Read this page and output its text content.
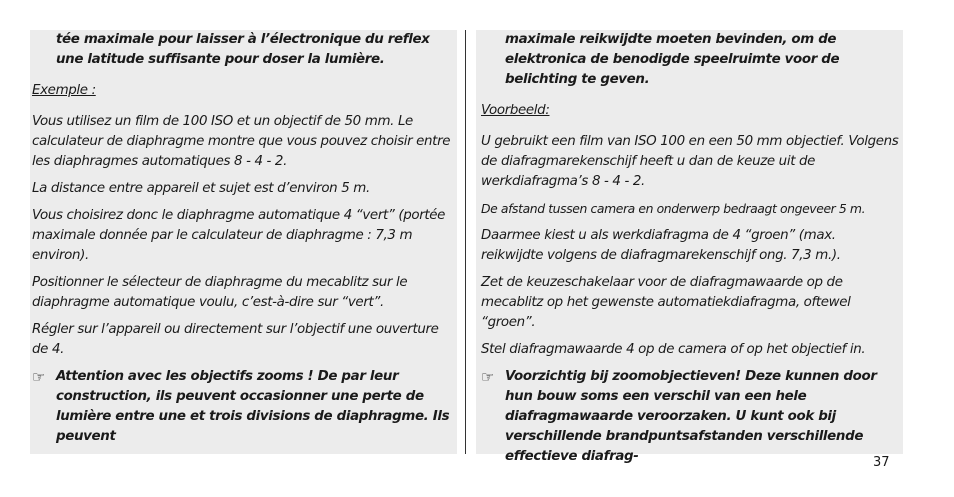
tée maximale pour laisser à l’électronique du reflex une latitude suffisante pour doser la lumière.

Exemple :

Vous utilisez un film de 100 ISO et un objectif de 50 mm. Le calculateur de diaphragme montre que vous pouvez choisir entre les diaphragmes automatiques 8 - 4 - 2.

La distance entre appareil et sujet est d’environ 5 m.

Vous choisirez donc le diaphragme automatique 4 “vert” (portée maximale donnée par le calculateur de diaphragme : 7,3 m environ).

Positionner le sélecteur de diaphragme du mecablitz sur le diaphragme automatique voulu, c’est-à-dire sur “vert”.

Régler sur l’appareil ou directement sur l’objectif une ouverture de 4.

☞ Attention avec les objectifs zooms ! De par leur construction, ils peuvent occasionner une perte de lumière entre une et trois divisions de diaphragme. Ils peuvent

maximale reikwijdte moeten bevinden, om de elektronica de benodigde speelruimte voor de belichting te geven.

Voorbeeld:

U gebruikt een film van ISO 100 en een 50 mm objectief. Volgens de diafragmarekenschijf heeft u dan de keuze uit de werkdiafragma’s 8 - 4 - 2.

De afstand tussen camera en onderwerp bedraagt ongeveer 5 m.

Daarmee kiest u als werkdiafragma de 4 “groen” (max. reikwijdte volgens de diafragmarekenschijf ong. 7,3 m.).

Zet de keuzeschakelaar voor de diafragmawaarde op de mecablitz op het gewenste automatiekdiafragma, oftewel “groen”.

Stel diafragmawaarde 4 op de camera of op het objectief in.

☞ Voorzichtig bij zoomobjectieven! Deze kunnen door hun bouw soms een verschil van een hele diafragmawaarde veroorzaken. U kunt ook bij verschillende brandpuntsafstanden verschillende effectieve diafrag-	37
